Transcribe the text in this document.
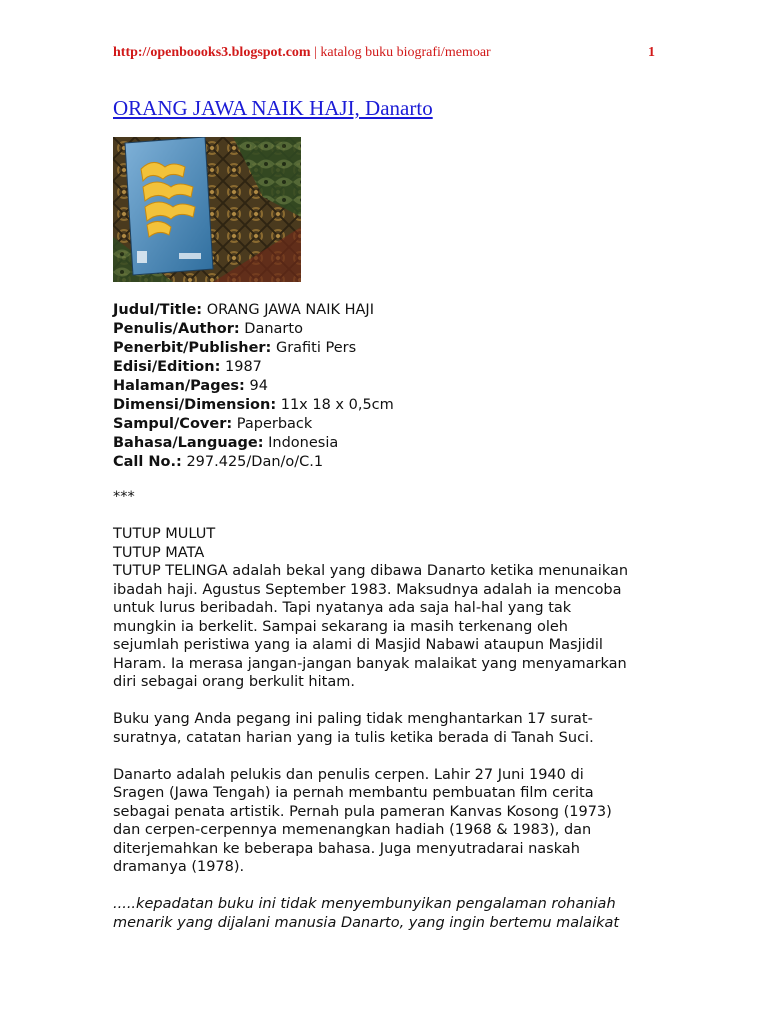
http://openboooks3.blogspot.com | katalog buku biografi/memoar	1
ORANG JAWA NAIK HAJI, Danarto
Judul/Title: ORANG JAWA NAIK HAJI
Penulis/Author: Danarto
Penerbit/Publisher: Grafiti Pers
Edisi/Edition: 1987
Halaman/Pages: 94
Dimensi/Dimension: 11x 18 x 0,5cm
Sampul/Cover: Paperback
Bahasa/Language: Indonesia
Call No.: 297.425/Dan/o/C.1

***

TUTUP MULUT
TUTUP MATA
TUTUP TELINGA adalah bekal yang dibawa Danarto ketika menunaikan
ibadah haji. Agustus September 1983. Maksudnya adalah ia mencoba
untuk lurus beribadah. Tapi nyatanya ada saja hal-hal yang tak
mungkin ia berkelit. Sampai sekarang ia masih terkenang oleh
sejumlah peristiwa yang ia alami di Masjid Nabawi ataupun Masjidil
Haram. Ia merasa jangan-jangan banyak malaikat yang menyamarkan
diri sebagai orang berkulit hitam.

Buku yang Anda pegang ini paling tidak menghantarkan 17 surat-
suratnya, catatan harian yang ia tulis ketika berada di Tanah Suci.

Danarto adalah pelukis dan penulis cerpen. Lahir 27 Juni 1940 di
Sragen (Jawa Tengah) ia pernah membantu pembuatan film cerita
sebagai penata artistik. Pernah pula pameran Kanvas Kosong (1973)
dan cerpen-cerpennya memenangkan hadiah (1968 & 1983), dan
diterjemahkan ke beberapa bahasa. Juga menyutradarai naskah
dramanya (1978).

.....kepadatan buku ini tidak menyembunyikan pengalaman rohaniah
menarik yang dijalani manusia Danarto, yang ingin bertemu malaikat
